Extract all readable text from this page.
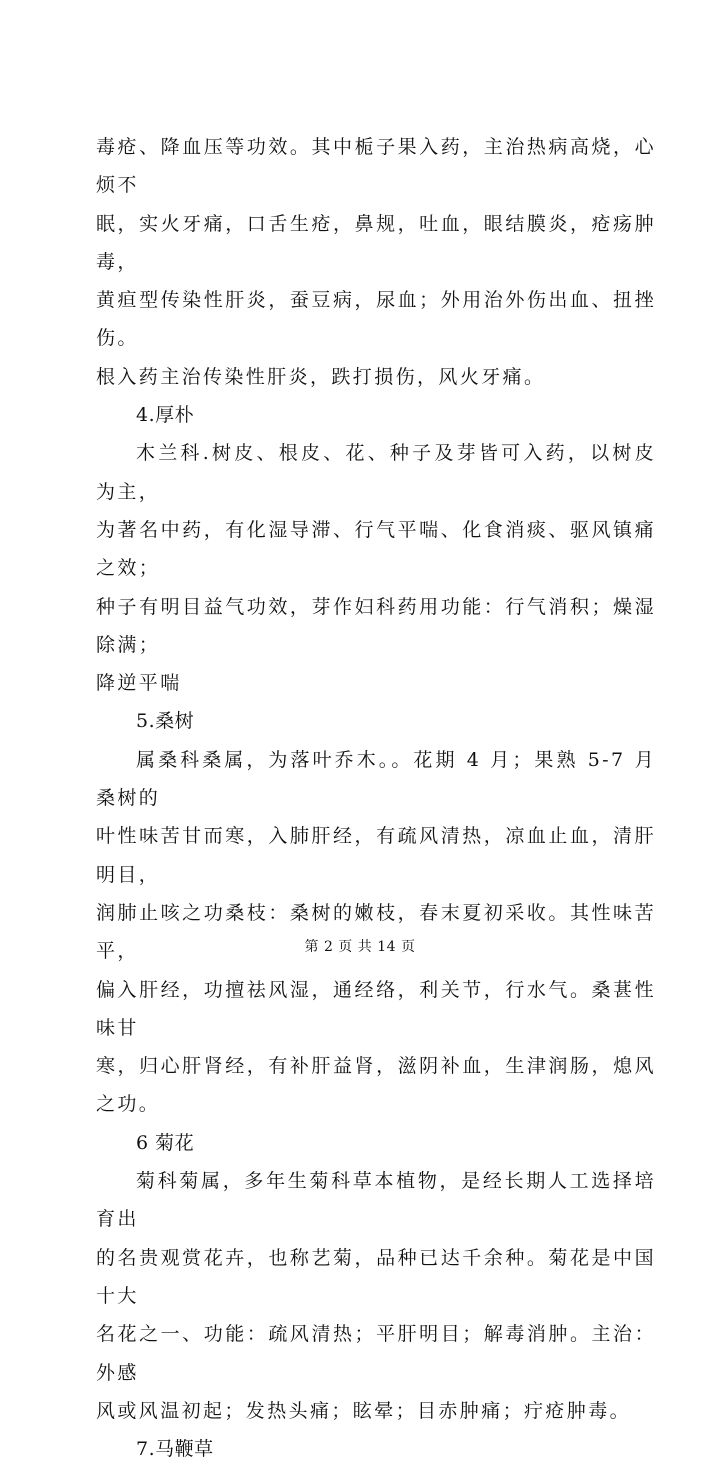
毒疮、降血压等功效。其中栀子果入药，主治热病高烧，心烦不
眠，实火牙痛，口舌生疮，鼻规，吐血，眼结膜炎，疮疡肿毒，
黄疸型传染性肝炎，蚕豆病，尿血；外用治外伤出血、扭挫伤。
根入药主治传染性肝炎，跌打损伤，风火牙痛。
4.厚朴
木兰科.树皮、根皮、花、种子及芽皆可入药，以树皮为主，
为著名中药，有化湿导滞、行气平喘、化食消痰、驱风镇痛之效；
种子有明目益气功效，芽作妇科药用功能：行气消积；燥湿除满；
降逆平喘
5.桑树
属桑科桑属，为落叶乔木。。花期 4 月；果熟 5-7 月桑树的
叶性味苦甘而寒，入肺肝经，有疏风清热，凉血止血，清肝明目，
润肺止咳之功桑枝：桑树的嫩枝，春末夏初采收。其性味苦平，
偏入肝经，功擅祛风湿，通经络，利关节，行水气。桑葚性味甘
寒，归心肝肾经，有补肝益肾，滋阴补血，生津润肠，熄风之功。
6 菊花
菊科菊属，多年生菊科草本植物，是经长期人工选择培育出
的名贵观赏花卉，也称艺菊，品种已达千余种。菊花是中国十大
名花之一、功能：疏风清热；平肝明目；解毒消肿。主治：外感
风或风温初起；发热头痛；眩晕；目赤肿痛；疔疮肿毒。
7.马鞭草
第 2 页 共 14 页
